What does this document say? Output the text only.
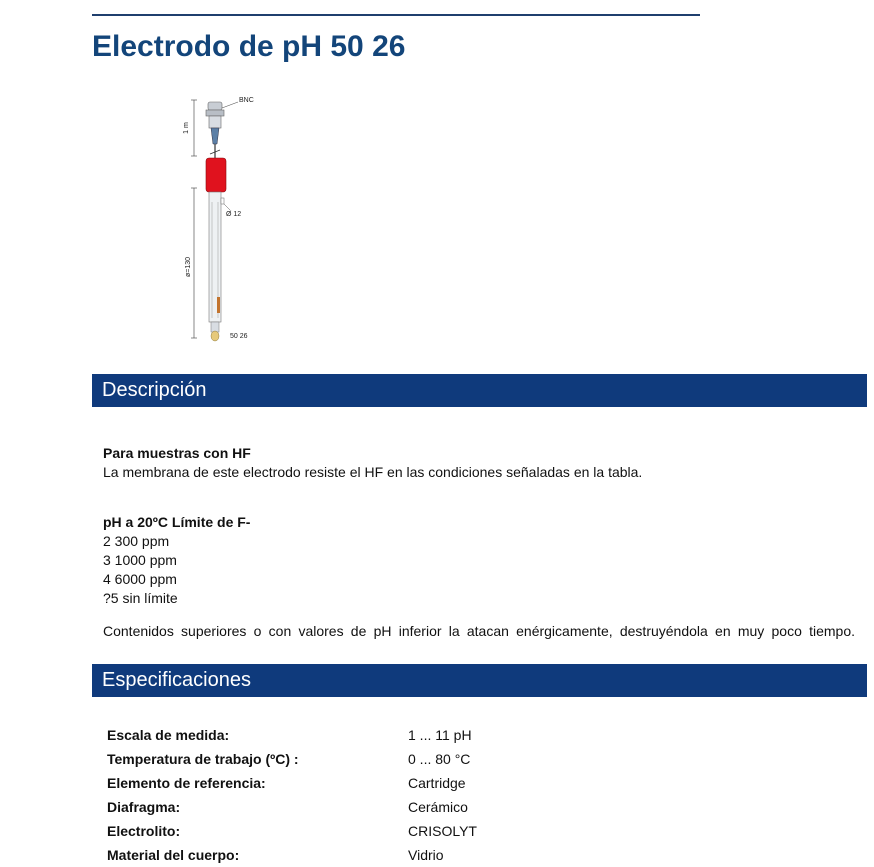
Electrodo de pH 50 26
BNC
1 m
Ø 12
ø=130
50 26
Descripción
Para muestras con HF
La membrana de este electrodo resiste el HF en las condiciones señaladas en la tabla.
pH a 20ºC Límite de F-
2 300 ppm
3 1000 ppm
4 6000 ppm
?5 sin límite
Contenidos superiores o con valores de pH inferior la atacan enérgicamente, destruyéndola en muy poco tiempo.
Especificaciones
Escala de medida:	1 ... 11 pH
Temperatura de trabajo (ºC) :	0 ... 80 °C
Elemento de referencia:	Cartridge
Diafragma:	Cerámico
Electrolito:	CRISOLYT
Material del cuerpo:	Vidrio
